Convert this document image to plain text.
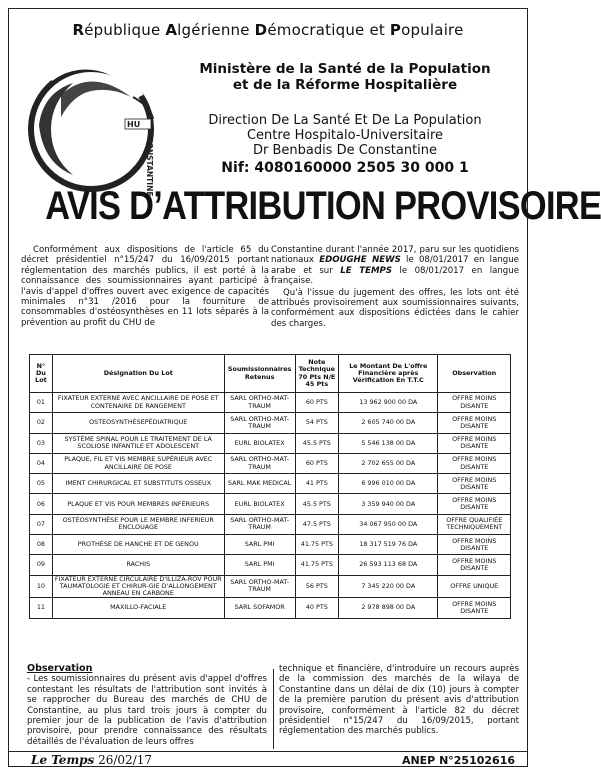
République Algérienne Démocratique et Populaire
HU
CONSTANTINE
Ministère de la Santé de la Population
et de la Réforme Hospitalière
Direction De La Santé Et De La Population
Centre Hospitalo-Universitaire
Dr Benbadis De Constantine
Nif: 4080160000 2505 30 000 1
AVIS D’ATTRIBUTION PROVISOIRE

Conformément aux dispositions de l'article 65 du décret présidentiel n°15/247 du 16/09/2015 portant réglementation des marchés publics, il est porté à la connaissance des soumissionnaires ayant participé à l'avis d'appel d'offres ouvert avec exigence de capacités minimales n°31 /2016 pour la fourniture de consommables d'ostéosynthèses en 11 lots séparés à la prévention au profit du CHU de

Constantine durant l'année 2017, paru sur les quotidiens nationaux EDOUGHE NEWS le 08/01/2017 en langue arabe et sur LE TEMPS le 08/01/2017 en langue française.

Qu'à l'issue du jugement des offres, les lots ont été attribués provisoirement aux soumissionnaires suivants, conformément aux dispositions édictées dans le cahier des charges.

N° Du Lot	Désignation Du Lot	Soumissionnaires Retenus	Note Technique 70 Pts N/E 45 Pts	Le Montant De L'offre Financière après Vérification En T.T.C	Observation
01	FIXATEUR EXTERNE AVEC ANCILLAIRE DE POSE ET CONTENAIRE DE RANGEMENT	SARL ORTHO-MAT-TRAUM	60 PTS	13 962 900 00 DA	OFFRE MOINS DISANTE
02	OSTEOSYNTHÈSEPÉDIATRIQUE	SARL ORTHO-MAT-TRAUM	54 PTS	2 605 740 00 DA	OFFRE MOINS DISANTE
03	SYSTÈME SPINAL POUR LE TRAITEMENT DE LA SCOLIOSE INFANTILE ET ADOLESCENT	EURL BIOLATEX	45.5 PTS	5 546 138 00 DA	OFFRE MOINS DISANTE
04	PLAQUE, FIL ET VIS MEMBRE SUPÉRIEUR AVEC ANCILLAIRE DE POSE	SARL ORTHO-MAT-TRAUM	60 PTS	2 702 655 00 DA	OFFRE MOINS DISANTE
05	IMENT CHIRURGICAL ET SUBSTITUTS OSSEUX	SARL MAK MEDICAL	41 PTS	6 996 010 00 DA	OFFRE MOINS DISANTE
06	PLAQUE ET VIS POUR MEMBRES INFÉRIEURS	EURL BIOLATEX	45.5 PTS	3 359 940 00 DA	OFFRE MOINS DISANTE
07	OSTÉOSYNTHÈSE POUR LE MEMBRE INFERIEUR ENCLOUAGE	SARL ORTHO-MAT-TRAUM	47.5 PTS	34 067 950 00 DA	OFFRE QUALIFIÉE TECHNIQUEMENT
08	PROTHÈSE DE HANCHE ET DE GENOU	SARL PMI	41.75 PTS	18 317 519 76 DA	OFFRE MOINS DISANTE
09	RACHIS	SARL PMI	41.75 PTS	26 593 113 68 DA	OFFRE MOINS DISANTE
10	FIXATEUR EXTERNE CIRCULAIRE D'ILLIZA-ROV POUR TAUMATOLOGIE ET CHIRUR-GIE D'ALLONGEMENT ANNEAU EN CARBONE	SARL ORTHO-MAT-TRAUM	56 PTS	7 345 220 00 DA	OFFRE UNIQUE
11	MAXILLO-FACIALE	SARL SOFAMOR	40 PTS	2 978 898 00 DA	OFFRE MOINS DISANTE
Observation

- Les soumissionnaires du présent avis d'appel d'offres contestant les résultats de l'attribution sont invités à se rapprocher du Bureau des marchés de CHU de Constantine, au plus tard trois jours à compter du premier jour de la publication de l'avis d'attribution provisoire, pour prendre connaissance des résultats détaillés de l'évaluation de leurs offres

technique et financière, d'introduire un recours auprès de la commission des marchés de la wilaya de Constantine dans un délai de dix (10) jours à compter de la première parution du présent avis d'attribution provisoire, conformément à l'article 82 du décret présidentiel n°15/247 du 16/09/2015, portant réglementation des marchés publics.

Le Temps 26/02/17	ANEP N°25102616
